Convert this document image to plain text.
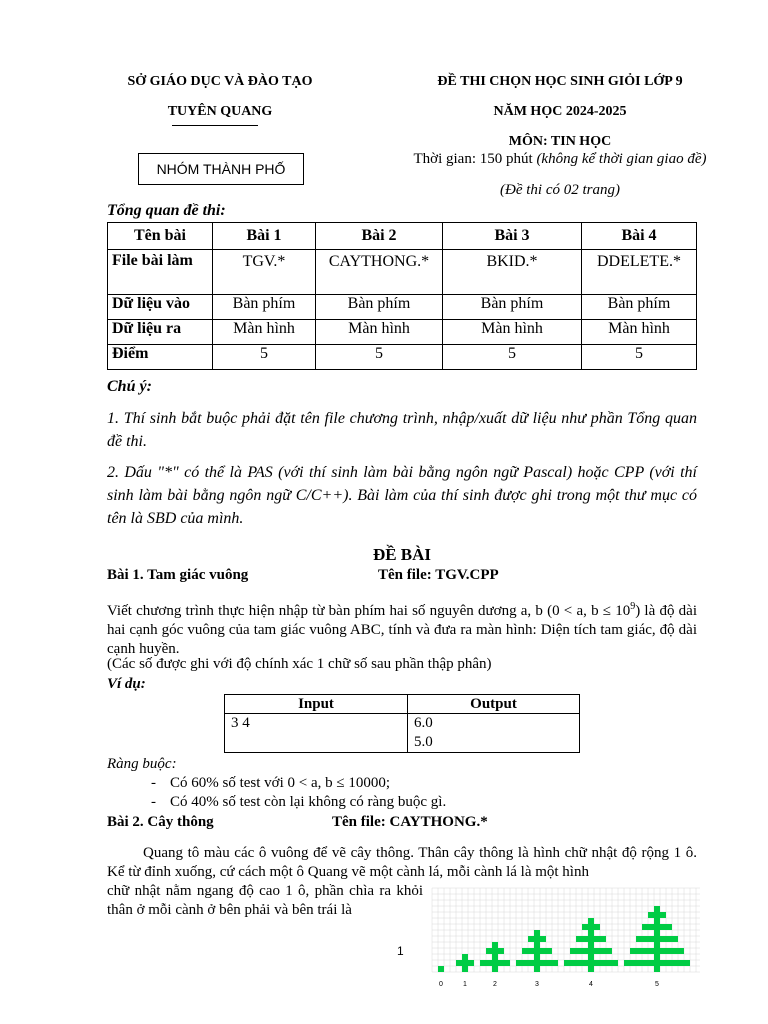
SỞ GIÁO DỤC VÀ ĐÀO TẠO
TUYÊN QUANG
ĐỀ THI CHỌN HỌC SINH GIỎI LỚP 9
NĂM HỌC 2024-2025
MÔN: TIN HỌC
Thời gian: 150 phút (không kể thời gian giao đề)
(Đề thi có 02 trang)
NHÓM THÀNH PHỐ
Tổng quan đề thi:
Tên bài	Bài 1	Bài 2	Bài 3	Bài 4
File bài làm	TGV.*	CAYTHONG.*	BKID.*	DDELETE.*
Dữ liệu vào	Bàn phím	Bàn phím	Bàn phím	Bàn phím
Dữ liệu ra	Màn hình	Màn hình	Màn hình	Màn hình
Điểm	5	5	5	5
Chú ý:
1. Thí sinh bắt buộc phải đặt tên file chương trình, nhập/xuất dữ liệu như phần Tổng quan đề thi.
2. Dấu "*" có thể là PAS (với thí sinh làm bài bằng ngôn ngữ Pascal) hoặc CPP (với thí sinh làm bài bằng ngôn ngữ C/C++). Bài làm của thí sinh được ghi trong một thư mục có tên là SBD của mình.
ĐỀ BÀI
Bài 1. Tam giác vuông	Tên file: TGV.CPP
Viết chương trình thực hiện nhập từ bàn phím hai số nguyên dương a, b (0 < a, $b \le 10^9$) là độ dài hai cạnh góc vuông của tam giác vuông ABC, tính và đưa ra màn hình: Diện tích tam giác, độ dài cạnh huyền.
(Các số được ghi với độ chính xác 1 chữ số sau phần thập phân)
Ví dụ:
Input	Output
3 4	6.0
5.0
Ràng buộc:
- Có 60% số test với 0 < a, b ≤ 10000;
- Có 40% số test còn lại không có ràng buộc gì.
Bài 2. Cây thông	Tên file: CAYTHONG.*
Quang tô màu các ô vuông để vẽ cây thông. Thân cây thông là hình chữ nhật độ rộng 1 ô. Kể từ đỉnh xuống, cứ cách một ô Quang vẽ một cành lá, mỗi cành lá là một hình
chữ nhật nằm ngang độ cao 1 ô, phần chìa ra khỏi thân ở mỗi cành ở bên phải và bên trái là
0	1	2	3	4	5
1
